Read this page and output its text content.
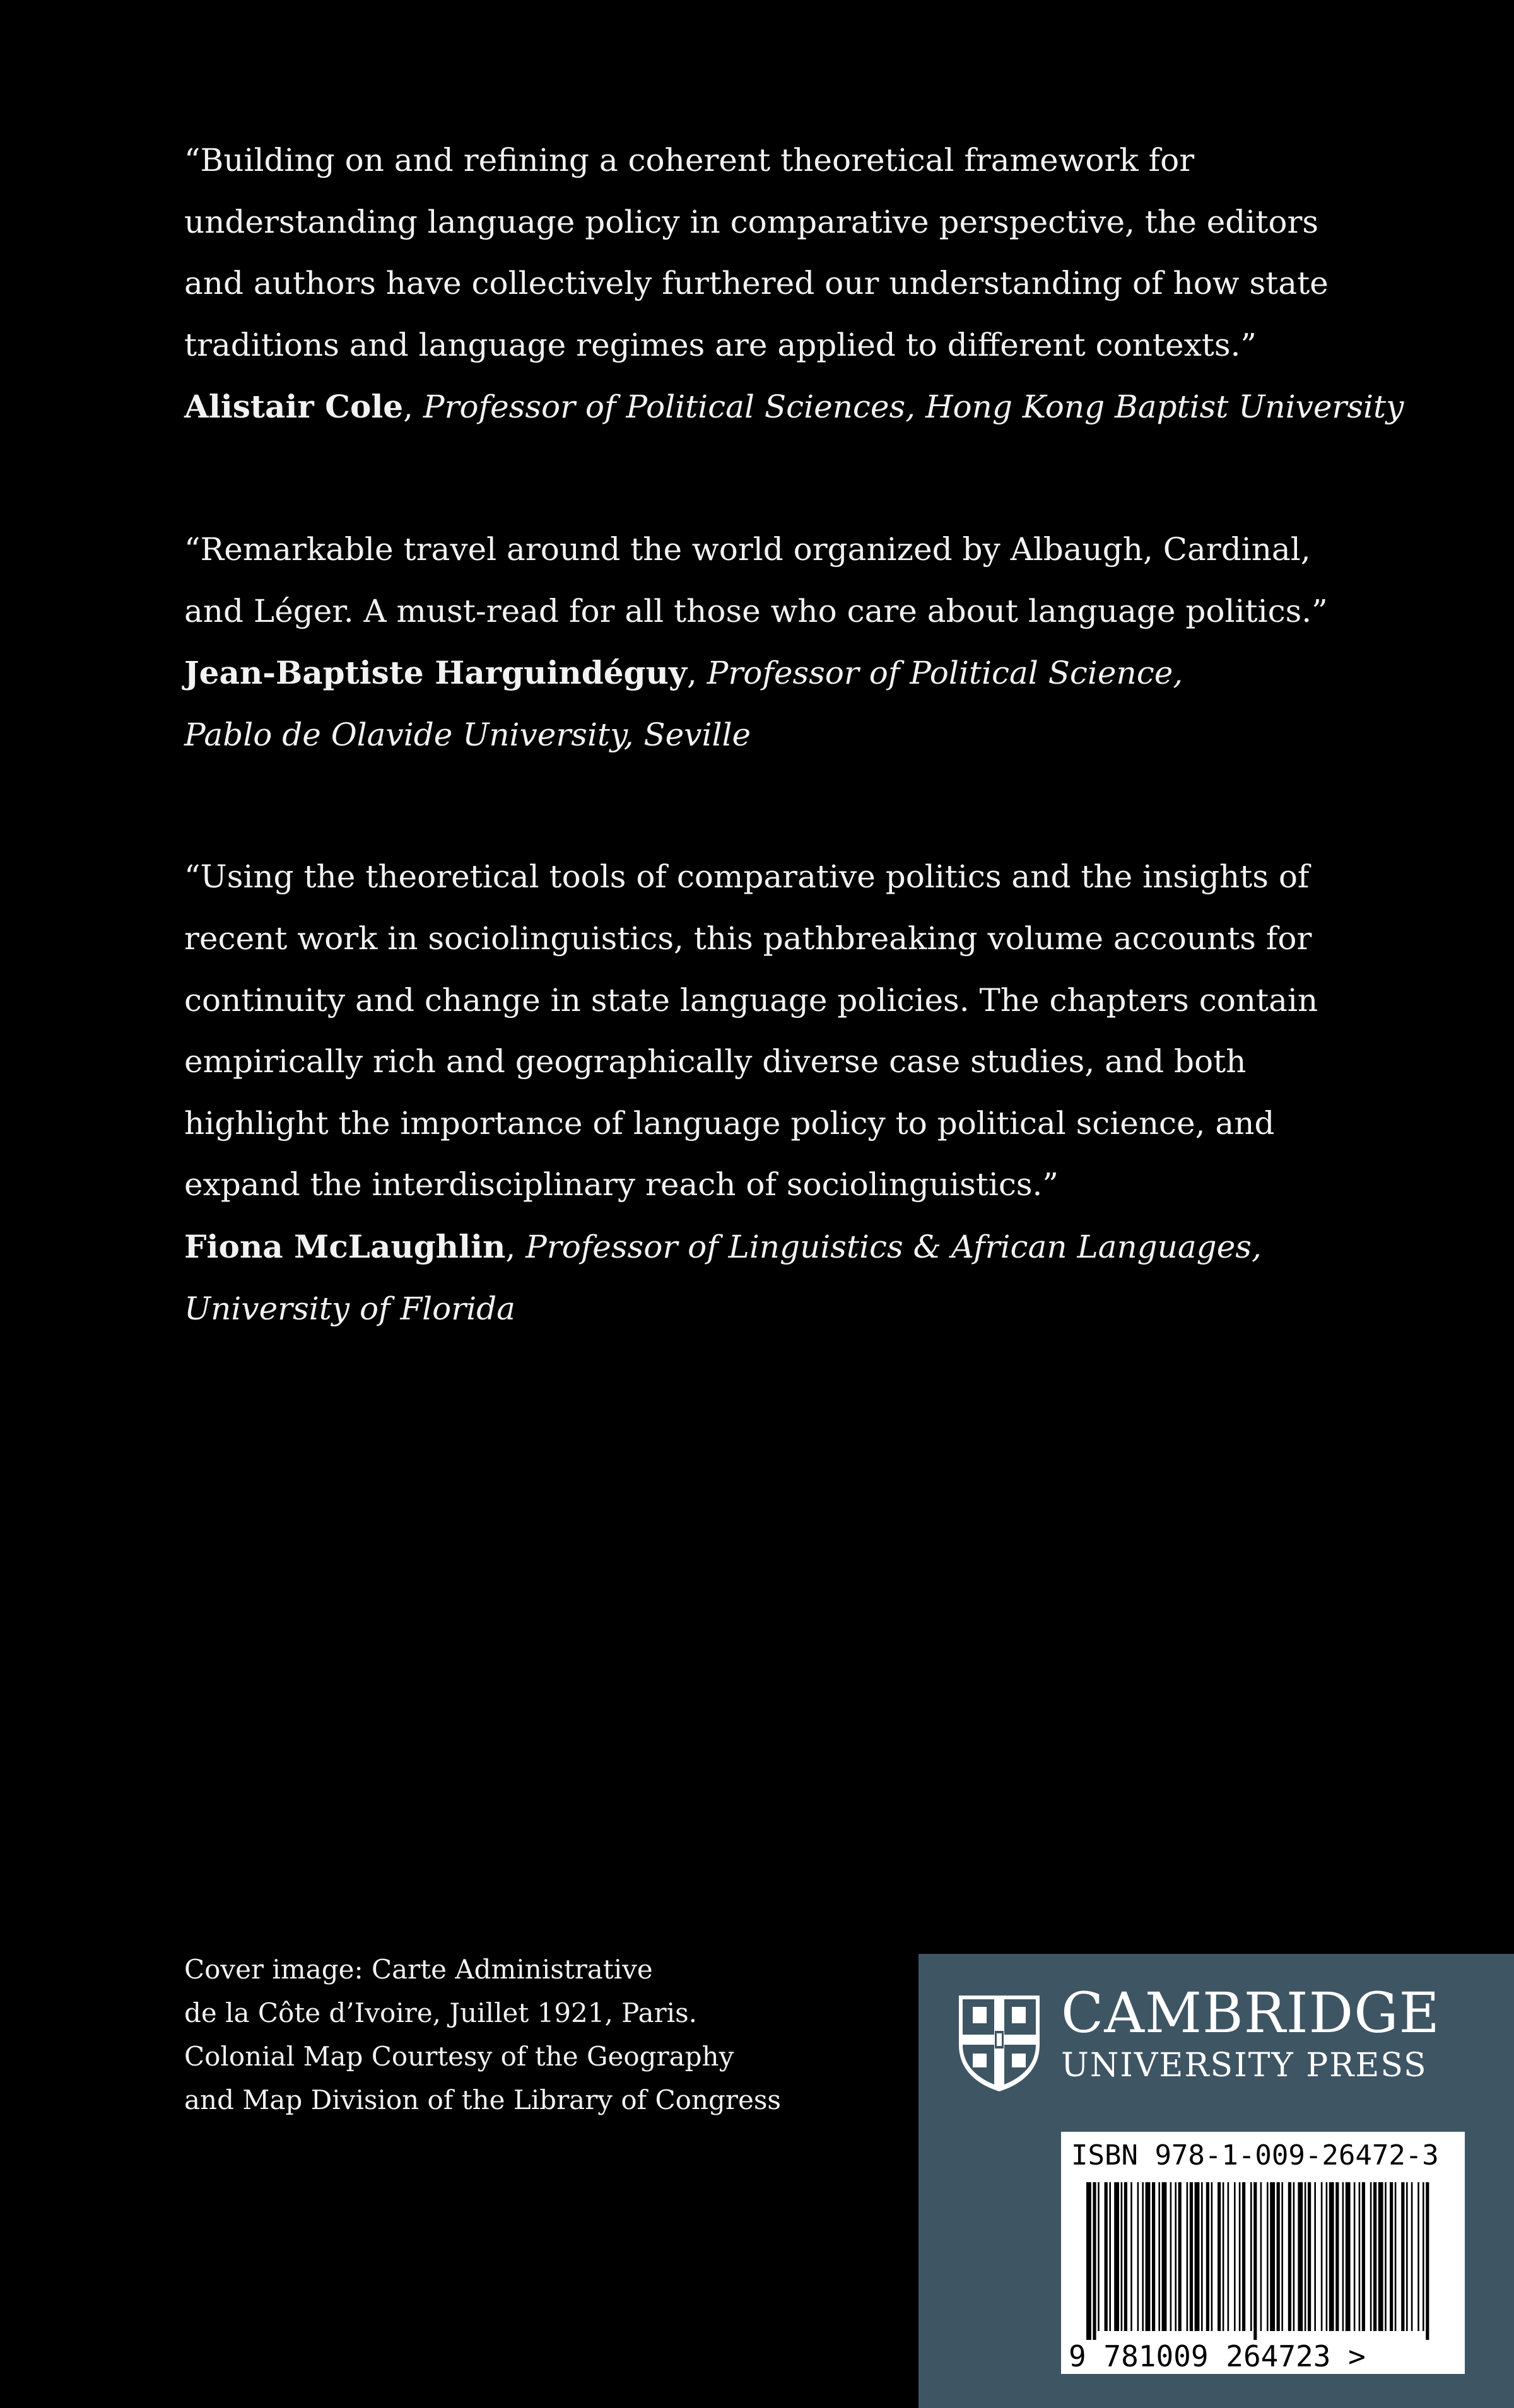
“Building on and refining a coherent theoretical framework for
understanding language policy in comparative perspective, the editors
and authors have collectively furthered our understanding of how state
traditions and language regimes are applied to different contexts.”

Alistair Cole, Professor of Political Sciences, Hong Kong Baptist University

“Remarkable travel around the world organized by Albaugh, Cardinal,
and Léger. A must-read for all those who care about language politics.”

Jean-Baptiste Harguindéguy, Professor of Political Science,
Pablo de Olavide University, Seville

“Using the theoretical tools of comparative politics and the insights of
recent work in sociolinguistics, this pathbreaking volume accounts for
continuity and change in state language policies. The chapters contain
empirically rich and geographically diverse case studies, and both
highlight the importance of language policy to political science, and
expand the interdisciplinary reach of sociolinguistics.”

Fiona McLaughlin, Professor of Linguistics & African Languages,
University of Florida

Cover image: Carte Administrative
de la Côte d’Ivoire, Juillet 1921, Paris.
Colonial Map Courtesy of the Geography
and Map Division of the Library of Congress

CAMBRIDGE
UNIVERSITY PRESS
ISBN 978-1-009-26472-3
9 781009 264723 >
